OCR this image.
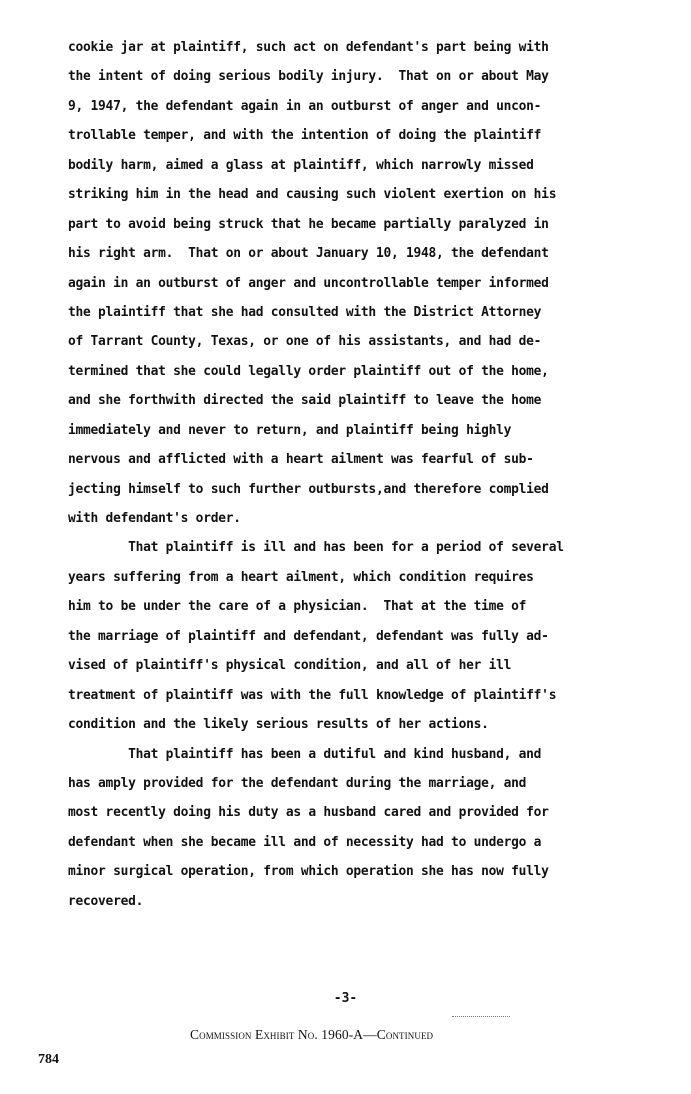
cookie jar at plaintiff, such act on defendant's part being with
the intent of doing serious bodily injury.  That on or about May
9, 1947, the defendant again in an outburst of anger and uncon-
trollable temper, and with the intention of doing the plaintiff
bodily harm, aimed a glass at plaintiff, which narrowly missed
striking him in the head and causing such violent exertion on his
part to avoid being struck that he became partially paralyzed in
his right arm.  That on or about January 10, 1948, the defendant
again in an outburst of anger and uncontrollable temper informed
the plaintiff that she had consulted with the District Attorney
of Tarrant County, Texas, or one of his assistants, and had de-
termined that she could legally order plaintiff out of the home,
and she forthwith directed the said plaintiff to leave the home
immediately and never to return, and plaintiff being highly
nervous and afflicted with a heart ailment was fearful of sub-
jecting himself to such further outbursts,and therefore complied
with defendant's order.
That plaintiff is ill and has been for a period of several
years suffering from a heart ailment, which condition requires
him to be under the care of a physician.  That at the time of
the marriage of plaintiff and defendant, defendant was fully ad-
vised of plaintiff's physical condition, and all of her ill
treatment of plaintiff was with the full knowledge of plaintiff's
condition and the likely serious results of her actions.
That plaintiff has been a dutiful and kind husband, and
has amply provided for the defendant during the marriage, and
most recently doing his duty as a husband cared and provided for
defendant when she became ill and of necessity had to undergo a
minor surgical operation, from which operation she has now fully
recovered.
-3-
Commission Exhibit No. 1960-A—Continued
784
